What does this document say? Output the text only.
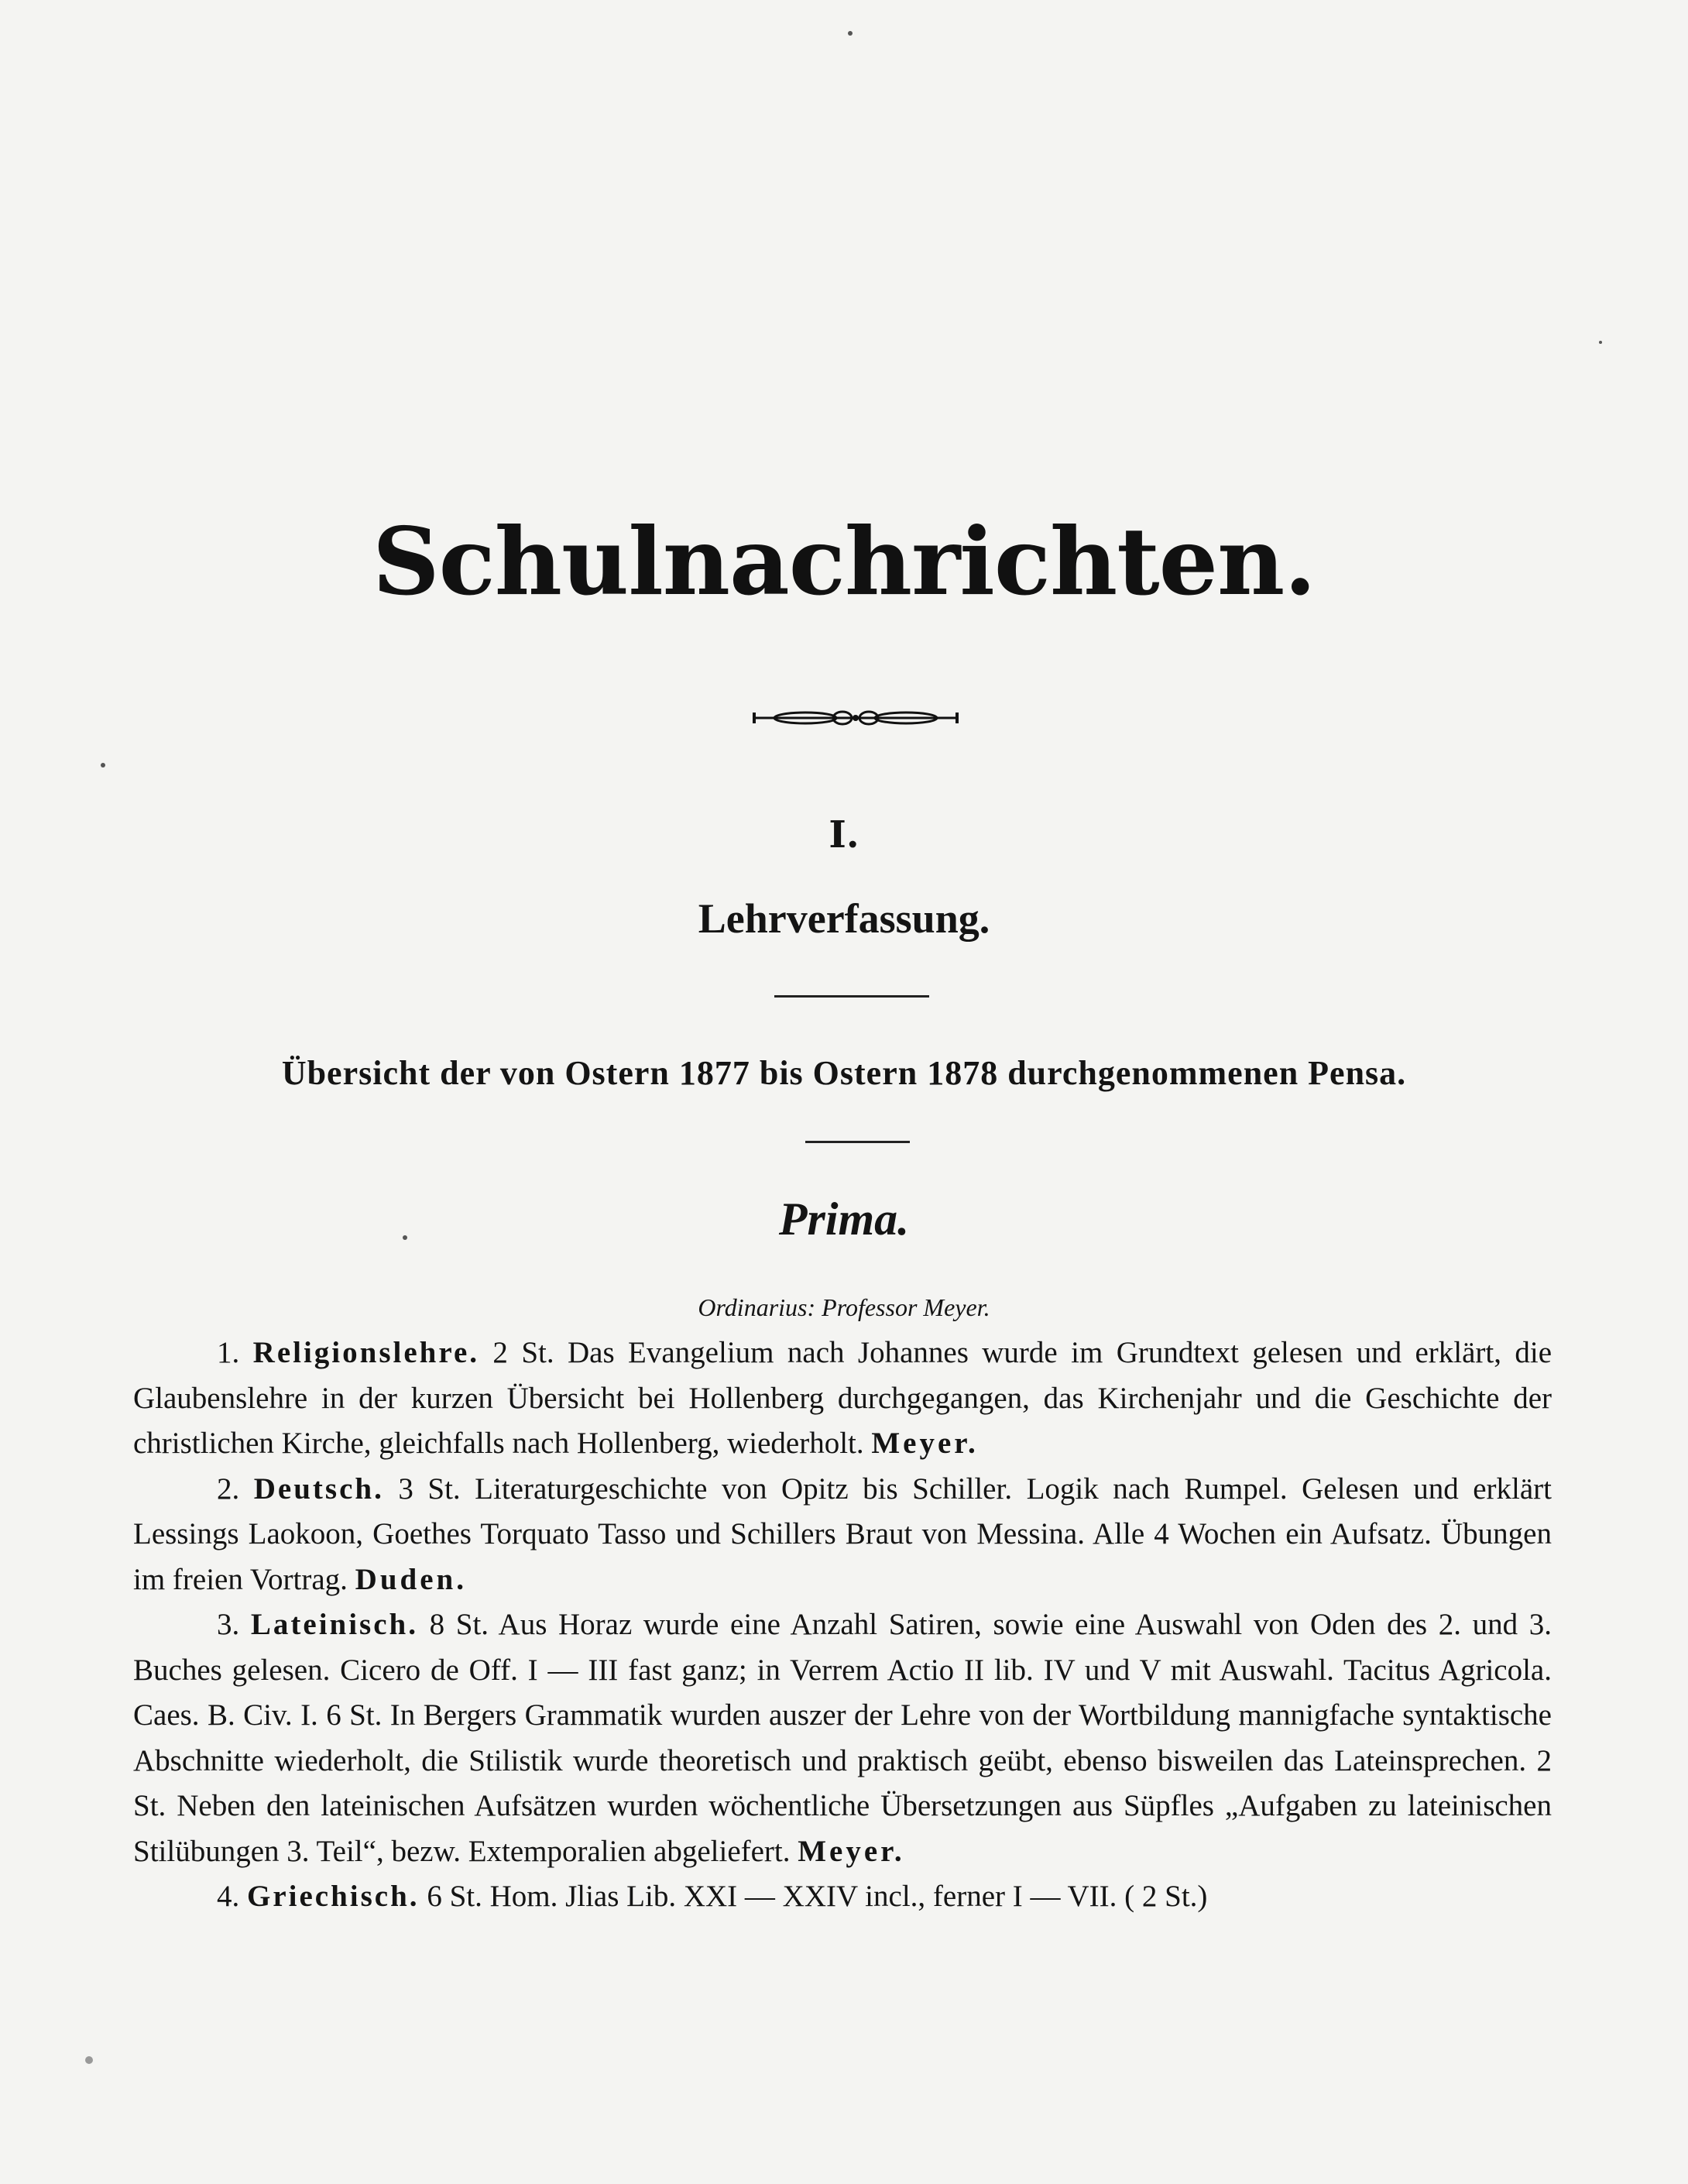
Schulnachrichten.
I.
Lehrverfassung.
Übersicht der von Ostern 1877 bis Ostern 1878 durchgenommenen Pensa.
Prima.
Ordinarius: Professor Meyer.

1. Religionslehre. 2 St. Das Evangelium nach Johannes wurde im Grundtext gelesen und erklärt, die Glaubenslehre in der kurzen Übersicht bei Hollenberg durchgegangen, das Kirchenjahr und die Geschichte der christlichen Kirche, gleichfalls nach Hollenberg, wiederholt. Meyer.

2. Deutsch. 3 St. Literaturgeschichte von Opitz bis Schiller. Logik nach Rumpel. Gelesen und erklärt Lessings Laokoon, Goethes Torquato Tasso und Schillers Braut von Messina. Alle 4 Wochen ein Aufsatz. Übungen im freien Vortrag. Duden.

3. Lateinisch. 8 St. Aus Horaz wurde eine Anzahl Satiren, sowie eine Auswahl von Oden des 2. und 3. Buches gelesen. Cicero de Off. I — III fast ganz; in Verrem Actio II lib. IV und V mit Auswahl. Tacitus Agricola. Caes. B. Civ. I. 6 St. In Bergers Grammatik wurden auszer der Lehre von der Wortbildung mannigfache syntaktische Abschnitte wiederholt, die Stilistik wurde theoretisch und praktisch geübt, ebenso bisweilen das Lateinsprechen. 2 St. Neben den lateinischen Aufsätzen wurden wöchentliche Übersetzungen aus Süpfles „Aufgaben zu lateinischen Stilübungen 3. Teil“, bezw. Extemporalien abgeliefert. Meyer.

4. Griechisch. 6 St. Hom. Jlias Lib. XXI — XXIV incl., ferner I — VII. ( 2 St.)
